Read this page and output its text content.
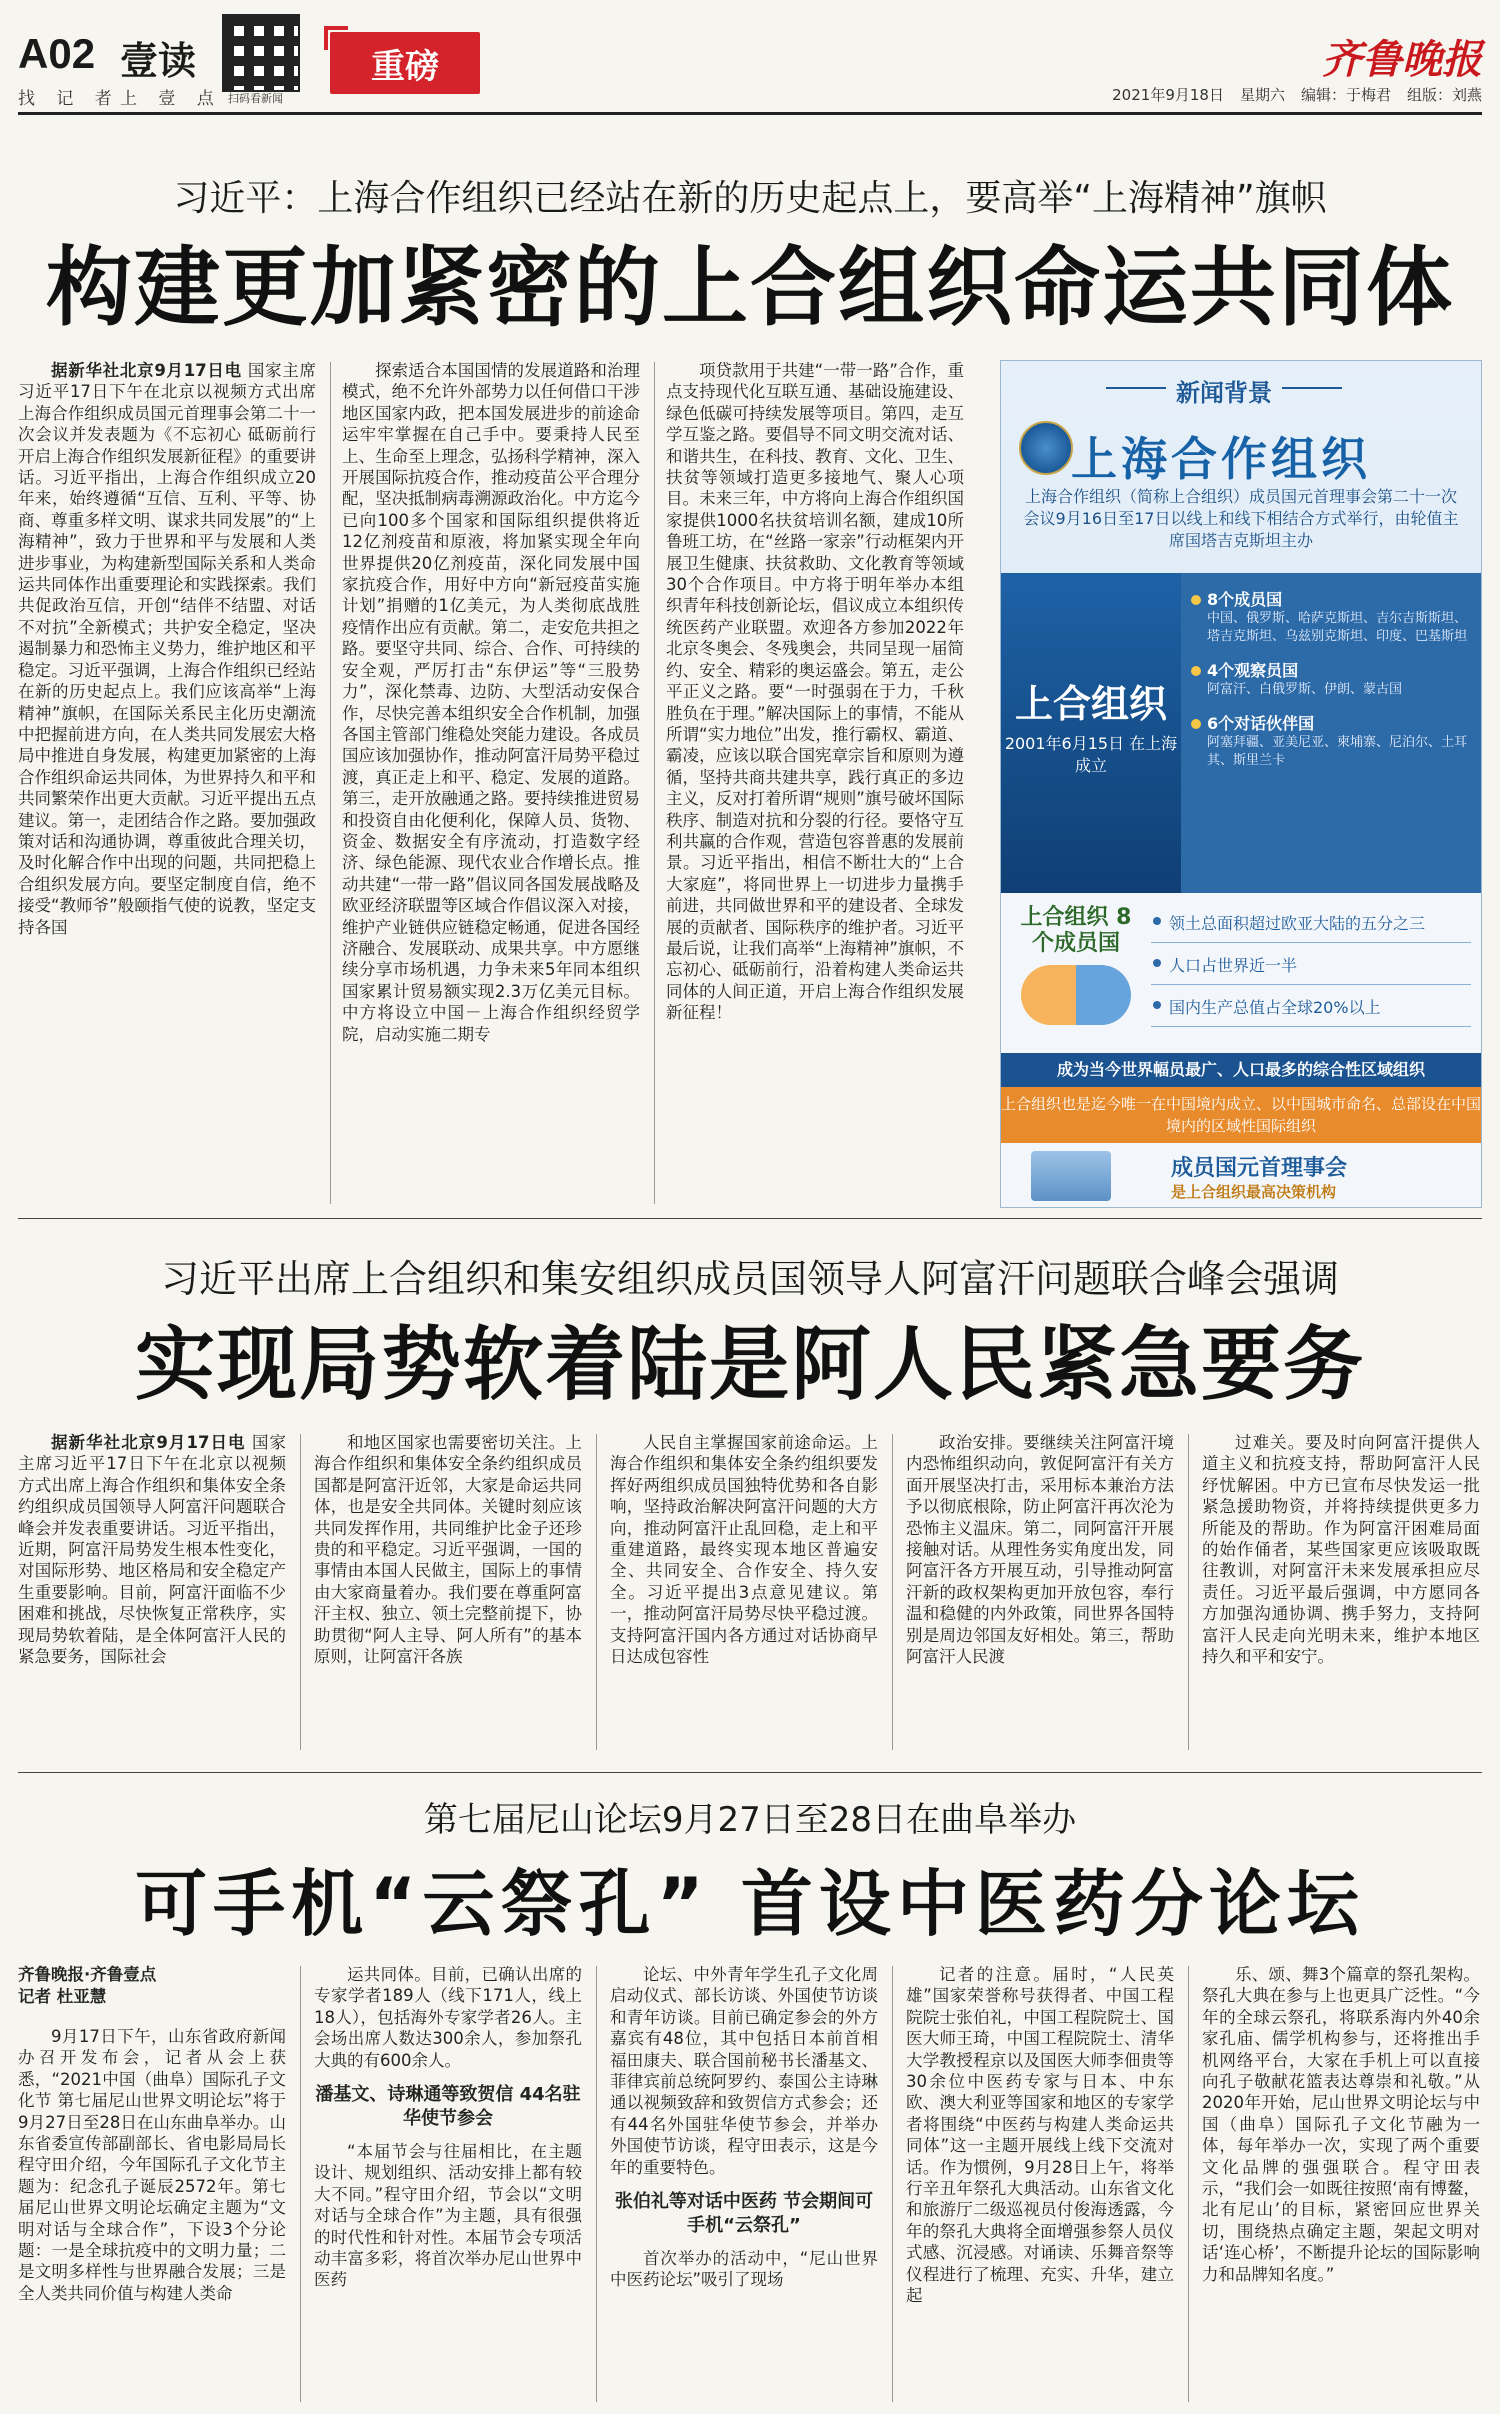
A02 壹读
找 记 者 上 壹 点 扫码看新闻
重磅	齐鲁晚报
2021年9月18日 星期六 编辑：于梅君 组版：刘燕
习近平：上海合作组织已经站在新的历史起点上，要高举“上海精神”旗帜
构建更加紧密的上合组织命运共同体

据新华社北京9月17日电 国家主席习近平17日下午在北京以视频方式出席上海合作组织成员国元首理事会第二十一次会议并发表题为《不忘初心 砥砺前行 开启上海合作组织发展新征程》的重要讲话。习近平指出，上海合作组织成立20年来，始终遵循“互信、互利、平等、协商、尊重多样文明、谋求共同发展”的“上海精神”，致力于世界和平与发展和人类进步事业，为构建新型国际关系和人类命运共同体作出重要理论和实践探索。我们共促政治互信，开创“结伴不结盟、对话不对抗”全新模式；共护安全稳定，坚决遏制暴力和恐怖主义势力，维护地区和平稳定。习近平强调，上海合作组织已经站在新的历史起点上。我们应该高举“上海精神”旗帜，在国际关系民主化历史潮流中把握前进方向，在人类共同发展宏大格局中推进自身发展，构建更加紧密的上海合作组织命运共同体，为世界持久和平和共同繁荣作出更大贡献。习近平提出五点建议。第一，走团结合作之路。要加强政策对话和沟通协调，尊重彼此合理关切，及时化解合作中出现的问题，共同把稳上合组织发展方向。要坚定制度自信，绝不接受“教师爷”般颐指气使的说教，坚定支持各国

探索适合本国国情的发展道路和治理模式，绝不允许外部势力以任何借口干涉地区国家内政，把本国发展进步的前途命运牢牢掌握在自己手中。要秉持人民至上、生命至上理念，弘扬科学精神，深入开展国际抗疫合作，推动疫苗公平合理分配，坚决抵制病毒溯源政治化。中方迄今已向100多个国家和国际组织提供将近12亿剂疫苗和原液，将加紧实现全年向世界提供20亿剂疫苗，深化同发展中国家抗疫合作，用好中方向“新冠疫苗实施计划”捐赠的1亿美元，为人类彻底战胜疫情作出应有贡献。第二，走安危共担之路。要坚守共同、综合、合作、可持续的安全观，严厉打击“东伊运”等“三股势力”，深化禁毒、边防、大型活动安保合作，尽快完善本组织安全合作机制，加强各国主管部门维稳处突能力建设。各成员国应该加强协作，推动阿富汗局势平稳过渡，真正走上和平、稳定、发展的道路。第三，走开放融通之路。要持续推进贸易和投资自由化便利化，保障人员、货物、资金、数据安全有序流动，打造数字经济、绿色能源、现代农业合作增长点。推动共建“一带一路”倡议同各国发展战略及欧亚经济联盟等区域合作倡议深入对接，维护产业链供应链稳定畅通，促进各国经济融合、发展联动、成果共享。中方愿继续分享市场机遇，力争未来5年同本组织国家累计贸易额实现2.3万亿美元目标。中方将设立中国－上海合作组织经贸学院，启动实施二期专

项贷款用于共建“一带一路”合作，重点支持现代化互联互通、基础设施建设、绿色低碳可持续发展等项目。第四，走互学互鉴之路。要倡导不同文明交流对话、和谐共生，在科技、教育、文化、卫生、扶贫等领域打造更多接地气、聚人心项目。未来三年，中方将向上海合作组织国家提供1000名扶贫培训名额，建成10所鲁班工坊，在“丝路一家亲”行动框架内开展卫生健康、扶贫救助、文化教育等领域30个合作项目。中方将于明年举办本组织青年科技创新论坛，倡议成立本组织传统医药产业联盟。欢迎各方参加2022年北京冬奥会、冬残奥会，共同呈现一届简约、安全、精彩的奥运盛会。第五，走公平正义之路。要“一时强弱在于力，千秋胜负在于理。”解决国际上的事情，不能从所谓“实力地位”出发，推行霸权、霸道、霸凌，应该以联合国宪章宗旨和原则为遵循，坚持共商共建共享，践行真正的多边主义，反对打着所谓“规则”旗号破坏国际秩序、制造对抗和分裂的行径。要恪守互利共赢的合作观，营造包容普惠的发展前景。习近平指出，相信不断壮大的“上合大家庭”，将同世界上一切进步力量携手前进，共同做世界和平的建设者、全球发展的贡献者、国际秩序的维护者。习近平最后说，让我们高举“上海精神”旗帜，不忘初心、砥砺前行，沿着构建人类命运共同体的人间正道，开启上海合作组织发展新征程！

新闻背景
上海合作组织
上海合作组织（简称上合组织）成员国元首理事会第二十一次会议9月16日至17日以线上和线下相结合方式举行，由轮值主席国塔吉克斯坦主办
上合组织
2001年6月15日 在上海成立
8个成员国
中国、俄罗斯、哈萨克斯坦、吉尔吉斯斯坦、塔吉克斯坦、乌兹别克斯坦、印度、巴基斯坦
4个观察员国
阿富汗、白俄罗斯、伊朗、蒙古国
6个对话伙伴国
阿塞拜疆、亚美尼亚、柬埔寨、尼泊尔、土耳其、斯里兰卡
上合组织 8个成员国
领土总面积超过欧亚大陆的五分之三
人口占世界近一半
国内生产总值占全球20%以上
成为当今世界幅员最广、人口最多的综合性区域组织
上合组织也是迄今唯一在中国境内成立、以中国城市命名、总部设在中国境内的区域性国际组织
成员国元首理事会
是上合组织最高决策机构
习近平出席上合组织和集安组织成员国领导人阿富汗问题联合峰会强调
实现局势软着陆是阿人民紧急要务

据新华社北京9月17日电 国家主席习近平17日下午在北京以视频方式出席上海合作组织和集体安全条约组织成员国领导人阿富汗问题联合峰会并发表重要讲话。习近平指出，近期，阿富汗局势发生根本性变化，对国际形势、地区格局和安全稳定产生重要影响。目前，阿富汗面临不少困难和挑战，尽快恢复正常秩序，实现局势软着陆，是全体阿富汗人民的紧急要务，国际社会

和地区国家也需要密切关注。上海合作组织和集体安全条约组织成员国都是阿富汗近邻，大家是命运共同体，也是安全共同体。关键时刻应该共同发挥作用，共同维护比金子还珍贵的和平稳定。习近平强调，一国的事情由本国人民做主，国际上的事情由大家商量着办。我们要在尊重阿富汗主权、独立、领土完整前提下，协助贯彻“阿人主导、阿人所有”的基本原则，让阿富汗各族

人民自主掌握国家前途命运。上海合作组织和集体安全条约组织要发挥好两组织成员国独特优势和各自影响，坚持政治解决阿富汗问题的大方向，推动阿富汗止乱回稳，走上和平重建道路，最终实现本地区普遍安全、共同安全、合作安全、持久安全。习近平提出3点意见建议。第一，推动阿富汗局势尽快平稳过渡。支持阿富汗国内各方通过对话协商早日达成包容性

政治安排。要继续关注阿富汗境内恐怖组织动向，敦促阿富汗有关方面开展坚决打击，采用标本兼治方法予以彻底根除，防止阿富汗再次沦为恐怖主义温床。第二，同阿富汗开展接触对话。从理性务实角度出发，同阿富汗各方开展互动，引导推动阿富汗新的政权架构更加开放包容，奉行温和稳健的内外政策，同世界各国特别是周边邻国友好相处。第三，帮助阿富汗人民渡

过难关。要及时向阿富汗提供人道主义和抗疫支持，帮助阿富汗人民纾忧解困。中方已宣布尽快发运一批紧急援助物资，并将持续提供更多力所能及的帮助。作为阿富汗困难局面的始作俑者，某些国家更应该吸取既往教训，对阿富汗未来发展承担应尽责任。习近平最后强调，中方愿同各方加强沟通协调、携手努力，支持阿富汗人民走向光明未来，维护本地区持久和平和安宁。

第七届尼山论坛9月27日至28日在曲阜举办
可手机“云祭孔” 首设中医药分论坛
齐鲁晚报·齐鲁壹点
记者 杜亚慧

9月17日下午，山东省政府新闻办召开发布会，记者从会上获悉，“2021中国（曲阜）国际孔子文化节 第七届尼山世界文明论坛”将于9月27日至28日在山东曲阜举办。山东省委宣传部副部长、省电影局局长程守田介绍，今年国际孔子文化节主题为：纪念孔子诞辰2572年。第七届尼山世界文明论坛确定主题为“文明对话与全球合作”，下设3个分论题：一是全球抗疫中的文明力量；二是文明多样性与世界融合发展；三是全人类共同价值与构建人类命

运共同体。目前，已确认出席的专家学者189人（线下171人，线上18人），包括海外专家学者26人。主会场出席人数达300余人，参加祭孔大典的有600余人。

潘基文、诗琳通等致贺信 44名驻华使节参会

“本届节会与往届相比，在主题设计、规划组织、活动安排上都有较大不同。”程守田介绍，节会以“文明对话与全球合作”为主题，具有很强的时代性和针对性。本届节会专项活动丰富多彩，将首次举办尼山世界中医药

论坛、中外青年学生孔子文化周启动仪式、部长访谈、外国使节访谈和青年访谈。目前已确定参会的外方嘉宾有48位，其中包括日本前首相福田康夫、联合国前秘书长潘基文、菲律宾前总统阿罗约、泰国公主诗琳通以视频致辞和致贺信方式参会；还有44名外国驻华使节参会，并举办外国使节访谈，程守田表示，这是今年的重要特色。

张伯礼等对话中医药 节会期间可手机“云祭孔”

首次举办的活动中，“尼山世界中医药论坛”吸引了现场

记者的注意。届时，“人民英雄”国家荣誉称号获得者、中国工程院院士张伯礼，中国工程院院士、国医大师王琦，中国工程院院士、清华大学教授程京以及国医大师李佃贵等30余位中医药专家与日本、中东欧、澳大利亚等国家和地区的专家学者将围绕“中医药与构建人类命运共同体”这一主题开展线上线下交流对话。作为惯例，9月28日上午，将举行辛丑年祭孔大典活动。山东省文化和旅游厅二级巡视员付俊海透露，今年的祭孔大典将全面增强参祭人员仪式感、沉浸感。对诵读、乐舞音祭等仪程进行了梳理、充实、升华，建立起

乐、颂、舞3个篇章的祭孔架构。祭孔大典在参与上也更具广泛性。“今年的全球云祭孔，将联系海内外40余家孔庙、儒学机构参与，还将推出手机网络平台，大家在手机上可以直接向孔子敬献花篮表达尊崇和礼敬。”从2020年开始，尼山世界文明论坛与中国（曲阜）国际孔子文化节融为一体，每年举办一次，实现了两个重要文化品牌的强强联合。程守田表示，“我们会一如既往按照‘南有博鳌，北有尼山’的目标，紧密回应世界关切，围绕热点确定主题，架起文明对话‘连心桥’，不断提升论坛的国际影响力和品牌知名度。”
